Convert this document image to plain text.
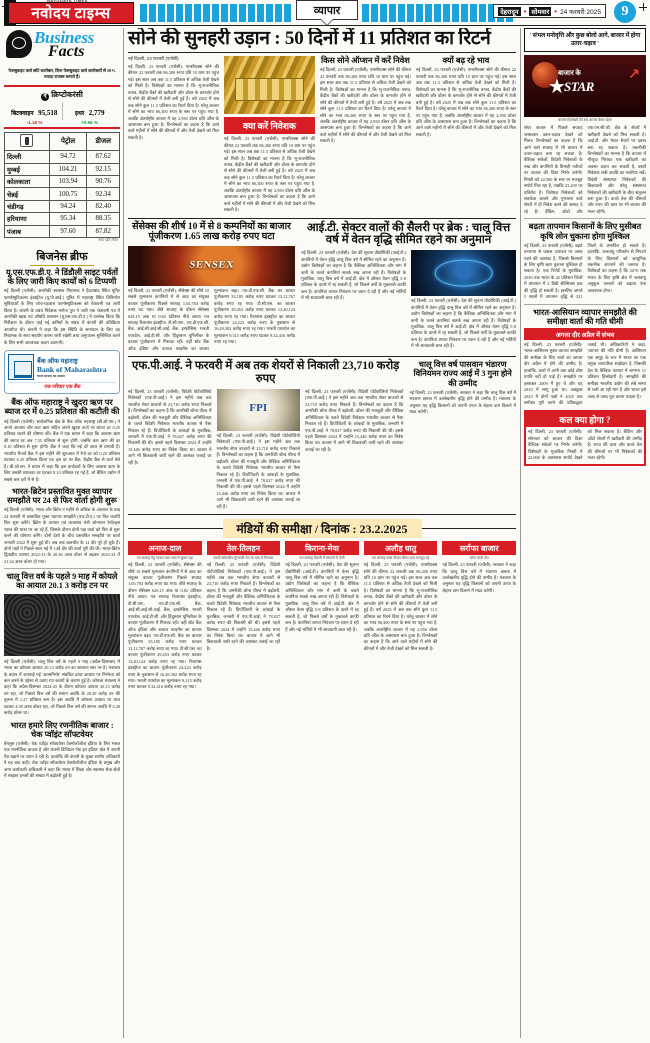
NAVODAYA TIMES
नवोदय टाइम्स	व्यापार	देहरादून • सोमवार • 24 फरवरी 2025	9
Business
Facts
फेसबुकइट वाले छोटे कारोबार, बिना फेसबुकइट वाले कारोबारों से 50% ज्यादा राजस्व कमाते हैं।
₹ क्रिप्टोकरंसी
बिटक्वाइन 95,518	इथर 2,779
-1.18 %	+0.66 %
	पेट्रोल	डीजल
दिल्ली	94.72	87.62
मुम्बई	104.21	92.15
कोलकाता	103.94	90.76
चेन्नई	100.75	92.34
चंडीगढ़	94.24	82.40
हरियाणा	95.34	88.35
पंजाब	97.60	87.82
रुपए प्रति लीटर
बिजनेस ब्रीफ
यू.एस.एफ.डी.ए. ने डिंडौली साइट पर्वतों के लिए जारी किए कार्यों को 6 टिप्पणी
नई दिल्ली (एजेंसी): अमरीकी स्वास्थ्य नियामक ने हैदराबाद स्थित यूनिट फार्मास्युटिकल्स इंडस्ट्रीज (यू.पी.आई.) यूनिट में महाराष्ट्र स्थित विनिर्माण सुविधाओं के लिए जांच-पड़ताल फार्मास्युटिकल्स को चेतावनी पत्र जारी किया है। कंपनी के प्रबंध निदेशक मनोज पुरा ने जारी एक चेतावनी पत्र में अमरीकी खाद्य एवं औषधि प्रशासन (यू.एस.एफ.डी.ए.) ने उल्लेख किया कि निरीक्षण के दौरान पाई गई कमियों के संबंध में कंपनी की प्रतिक्रिया अपर्याप्त थी। कंपनी ने कहा कि इस स्थिति के समाधान के लिए वह नियामक के साथ सहयोग करना जारी रखेगी तथा अनुपालन सुनिश्चित करने के लिए सभी आवश्यक कदम उठाएगी।
बैंक ऑफ महाराष्ट्र
Bank of Maharashtra
भारत सरकार का उपक्रम
एक परिवार एक बैंक
बैंक ऑफ महाराष्ट्र ने खुदरा ऋण पर ब्याज दर में 0.25 प्रतिशत की कटौती की
नई दिल्ली (एजेंसी): सार्वजनिक क्षेत्र के बैंक ऑफ महाराष्ट्र (बी.ओ.एम.) ने अपने आवास और कार ऋण सहित अपने खुदरा कर्ज पर ब्याज दर 0.25 प्रतिशत घटाने की घोषणा की। बैंक ने एक बयान में कहा कि आवास ऋण की ब्याज दर अब 7.35 प्रतिशत से शुरू होगी, जबकि कार ऋण की दर 8.10 प्रतिशत से शुरू होगी। बैंक ने कहा कि नई दरें आज से प्रभावी हैं। भारतीय रिजर्व बैंक ने इस महीने की शुरुआत में रेपो दर को 0.25 प्रतिशत घटाकर 6.25 प्रतिशत किया था। इस दर पर बैंक, केंद्रीय बैंक से कर्ज लेते हैं। बी.ओ.एम. ने बयान में कहा कि इस कर्जदारों के लिए आवास ऋण के लिए उसकी ब्याजदर दर घटकर 8.10 प्रतिशत रह गई है, जो बैंकिंग उद्योग में सबसे कम दरों में से है।
भारत-ब्रिटेन प्रस्तावित मुक्त व्यापार समझौते पर 24 से फिर वार्ता होगी शुरू
नई दिल्ली (एजेंसी): भारत और ब्रिटेन 8 महीने से अधिक के अंतराल के बाद 24 फरवरी से प्रस्तावित मुक्त व्यापार समझौते (एफ.टी.ए.) पर फिर वार्तायें फिर शुरू करेंगे। ब्रिटेन के व्यापार एवं व्यवसाय मंत्री जोनाथन रेनॉल्ड्स भारत की यात्रा पर आ रहे हैं, जिसके दौरान दोनों पक्ष वार्ता को फिर से शुरू करने की घोषणा करेंगे। दोनों देशों के बीच प्रस्तावित समझौते पर वार्ता जनवरी 2022 में शुरू हुई थी। अब तक बातचीत के 14 दौर पूरे हो चुके हैं। दोनों पक्षों ने पिछले साल मई में 14वें दौर की वार्ता पूरी की थी। भारत-ब्रिटेन द्विपक्षीय व्यापार 2022-23 के 20.36 अरब डॉलर से बढ़कर 2023-24 में 21.34 अरब डॉलर हो गया।
चालू वित्त वर्ष के पहले 9 माह में कोयले का आयात 20.1 3 करोड़ टन पर
नई दिल्ली (एजेंसी): चालू वित्त वर्ष के पहले 9 माह (अप्रैल-दिसम्बर) में भारत का कोयला आयात 20.13 करोड़ टन का सालाना स्तर पर है। मंत्रालय के बयान में अपनाई गई 'आत्मनिर्भर' संबंधित ढांचा आयात पर निर्भरता को कम करने के उद्देश्य से उठाए गए कदमों के कारण हुई है। कोयला मंत्रालय ने कहा कि अप्रैल-दिसम्बर 2024-25 के दौरान कोयला आयात 20.13 करोड़ टन रहा, जो पिछले वित्त वर्ष की समान अवधि के 20.39 करोड़ टन की तुलना में 1.27 प्रतिशत कम है। इस अवधि में कोयला आयात पर व्यय घटकर 4.38 अरब डॉलर रहा, जो पिछले वित्त वर्ष की समान अवधि में 4.28 करोड़ डॉलर था।
भारत हमारे लिए रणनीतिक बाजार : चेक प्वॉइंट सॉफ्टवेयर
बेंगलुरु (एजेंसी): चेक प्वॉइंट सॉफ्टवेयर टेक्नोलॉजीज इंडिया के लिए भारत एक रणनीतिक बाजार है और कंपनी डिजिटल 'मेड इन इंडिया' क्षेत्र में अपनी पैठ बढ़ाने पर ध्यान दे रही है। हालांकि की कंपनी के मुख्य स्तरीय अधिकारी ने यह बात कही। चेक प्वॉइंट सॉफ्टवेयर टेक्नोलॉजीज इंडिया के प्रमुख और अन्य कार्यकारी अधिकारी ने कहा कि भारत में शिक्षा और स्वास्थ्य सेवा क्षेत्रों में साइबर हमलों की संख्या में बढ़ोतरी हुई है।
सोने की सुनहरी उड़ान : 50 दिनों में 11 प्रतिशत का रिटर्न
नई दिल्ली, 23 फरवरी (एजेंसी)
नई दिल्ली, 23 फरवरी (एजेंसी): एमसीएक्स सोने की कीमत 22 फरवरी तक 86,300 रुपए प्रति 10 ग्राम पर पहुंच गई। इस साल अब तक 11.5 प्रतिशत से अधिक तेजी देखने को मिली है। विशेषज्ञों का मानना है कि भू-राजनीतिक तनाव, केंद्रीय बैंकों की खरीदारी और डॉलर के कमजोर होने से सोने की कीमतों में तेजी बनी हुई है। वर्ष 2025 में अब तक सोने कुल 11.5 प्रतिशत का रिटर्न दिया है। घरेलू बाजार में सोने का भाव 86,300 रुपए के स्तर पर पहुंच गया है, जबकि अंतर्राष्ट्रीय बाजार में यह 2,950 डॉलर प्रति औंस के आसपास बना हुआ है। विश्लेषकों का कहना है कि आने वाले महीनों में सोने की कीमतों में और तेजी देखने को मिल सकती है।
क्या करें निवेशक
नई दिल्ली, 23 फरवरी (एजेंसी): एमसीएक्स सोने की कीमत 22 फरवरी तक 86,300 रुपए प्रति 10 ग्राम पर पहुंच गई। इस साल अब तक 11.5 प्रतिशत से अधिक तेजी देखने को मिली है। विशेषज्ञों का मानना है कि भू-राजनीतिक तनाव, केंद्रीय बैंकों की खरीदारी और डॉलर के कमजोर होने से सोने की कीमतों में तेजी बनी हुई है। वर्ष 2025 में अब तक सोने कुल 11.5 प्रतिशत का रिटर्न दिया है। घरेलू बाजार में सोने का भाव 86,300 रुपए के स्तर पर पहुंच गया है, जबकि अंतर्राष्ट्रीय बाजार में यह 2,950 डॉलर प्रति औंस के आसपास बना हुआ है। विश्लेषकों का कहना है कि आने वाले महीनों में सोने की कीमतों में और तेजी देखने को मिल सकती है।
किस सोने ऑप्शन में करें निवेश
नई दिल्ली, 23 फरवरी (एजेंसी): एमसीएक्स सोने की कीमत 22 फरवरी तक 86,300 रुपए प्रति 10 ग्राम पर पहुंच गई। इस साल अब तक 11.5 प्रतिशत से अधिक तेजी देखने को मिली है। विशेषज्ञों का मानना है कि भू-राजनीतिक तनाव, केंद्रीय बैंकों की खरीदारी और डॉलर के कमजोर होने से सोने की कीमतों में तेजी बनी हुई है। वर्ष 2025 में अब तक सोने कुल 11.5 प्रतिशत का रिटर्न दिया है। घरेलू बाजार में सोने का भाव 86,300 रुपए के स्तर पर पहुंच गया है, जबकि अंतर्राष्ट्रीय बाजार में यह 2,950 डॉलर प्रति औंस के आसपास बना हुआ है। विश्लेषकों का कहना है कि आने वाले महीनों में सोने की कीमतों में और तेजी देखने को मिल सकती है।
क्यों बढ़ रहे भाव
नई दिल्ली, 23 फरवरी (एजेंसी): एमसीएक्स सोने की कीमत 22 फरवरी तक 86,300 रुपए प्रति 10 ग्राम पर पहुंच गई। इस साल अब तक 11.5 प्रतिशत से अधिक तेजी देखने को मिली है। विशेषज्ञों का मानना है कि भू-राजनीतिक तनाव, केंद्रीय बैंकों की खरीदारी और डॉलर के कमजोर होने से सोने की कीमतों में तेजी बनी हुई है। वर्ष 2025 में अब तक सोने कुल 11.5 प्रतिशत का रिटर्न दिया है। घरेलू बाजार में सोने का भाव 86,300 रुपए के स्तर पर पहुंच गया है, जबकि अंतर्राष्ट्रीय बाजार में यह 2,950 डॉलर प्रति औंस के आसपास बना हुआ है। विश्लेषकों का कहना है कि आने वाले महीनों में सोने की कीमतों में और तेजी देखने को मिल सकती है।
सेंसेक्स की शीर्ष 10 में से 8 कम्पनियों का बाजार पूंजीकरण 1.65 लाख करोड़ रुपए घटा
SENSEX
नई दिल्ली, 23 फरवरी (एजेंसी): सेंसेक्स की शीर्ष 10 सबसे मूल्यवान कंपनियों में से आठ का संयुक्त बाजार पूंजीकरण पिछले सप्ताह 1,65,784 करोड़ रुपए घट गया। बीते सप्ताह के दौरान सेंसेक्स 628.15 अंक या 0.82 प्रतिशत नीचे आया। गत सप्ताह रिलायंस इंडस्ट्रीज, टी.सी.एस., एच.डी.एफ.सी. बैंक, आई.सी.आई.सी.आई. बैंक, इन्फोसिस, भारती एयरटेल, आई.टी.सी. और हिंदुस्तान यूनिलीवर के बाजार पूंजीकरण में गिरावट रही। वहीं स्टेट बैंक ऑफ इंडिया और बजाज फाइनेंस का बाजार मूल्यांकन बढ़ा। एच.डी.एफ.सी. बैंक का बाजार पूंजीकरण 33,185 करोड़ रुपए घटकर 13,12,767 करोड़ रुपए रह गया। टी.सी.एस. का बाजार पूंजीकरण 29,453 करोड़ रुपए घटकर 13,40,124 करोड़ रुपए रह गया। रिलायंस इंडस्ट्रीज का बाजार पूंजीकरण 24,223 करोड़ रुपए के नुकसान से 16,49,382 करोड़ रुपए रह गया। भारती एयरटेल का मूल्यांकन 9,315 करोड़ रुपए घटकर 9,32,416 करोड़ रुपए रह गया।
आई.टी. सेक्टर वालों की सैलरी पर ब्रेक : चालू वित्त वर्ष में वेतन वृद्धि सीमित रहने का अनुमान
नई दिल्ली, 23 फरवरी (एजेंसी): देश की सूचना प्रौद्योगिकी (आई.टी.) कंपनियों में वेतन वृद्धि चालू वित्त वर्ष में सीमित रहने का अनुमान है। उद्योग विशेषज्ञों का कहना है कि वैश्विक अनिश्चितता और मांग में कमी के चलते कंपनियां सतर्क रुख अपना रही हैं। विशेषज्ञों के मुताबिक, चालू वित्त वर्ष में आई.टी. क्षेत्र में औसत वेतन वृद्धि 5-8 प्रतिशत के दायरे में रह सकती है, जो पिछले वर्षों के मुकाबले काफी कम है। कंपनियां लागत नियंत्रण पर ध्यान दे रही हैं और नई भर्तियों में भी सावधानी बरत रही हैं।
नई दिल्ली, 23 फरवरी (एजेंसी): देश की सूचना प्रौद्योगिकी (आई.टी.) कंपनियों में वेतन वृद्धि चालू वित्त वर्ष में सीमित रहने का अनुमान है। उद्योग विशेषज्ञों का कहना है कि वैश्विक अनिश्चितता और मांग में कमी के चलते कंपनियां सतर्क रुख अपना रही हैं। विशेषज्ञों के मुताबिक, चालू वित्त वर्ष में आई.टी. क्षेत्र में औसत वेतन वृद्धि 5-8 प्रतिशत के दायरे में रह सकती है, जो पिछले वर्षों के मुकाबले काफी कम है। कंपनियां लागत नियंत्रण पर ध्यान दे रही हैं और नई भर्तियों में भी सावधानी बरत रही हैं।
एफ.पी.आई. ने फरवरी में अब तक शेयरों से निकाली 23,710 करोड़ रुपए
नई दिल्ली, 23 फरवरी (एजेंसी): विदेशी पोर्टफोलियो निवेशकों (एफ.पी.आई.) ने इस महीने अब तक भारतीय शेयर बाजारों से 23,710 करोड़ रुपए निकाले हैं। विश्लेषकों का कहना है कि अमरीकी बॉन्ड यील्ड में बढ़ोतरी, डॉलर की मजबूती और वैश्विक अनिश्चितता के चलते विदेशी निवेशक भारतीय बाजार से पैसा निकाल रहे हैं। डिपॉजिटरी के आंकड़ों के मुताबिक, जनवरी में एफ.पी.आई. ने 78,027 करोड़ रुपए की निकासी की थी। इससे पहले दिसम्बर 2024 में उन्होंने 15,446 करोड़ रुपए का निवेश किया था। बाजार में आगे भी बिकवाली जारी रहने की आशंका जताई जा रही है।
FPI
नई दिल्ली, 23 फरवरी (एजेंसी): विदेशी पोर्टफोलियो निवेशकों (एफ.पी.आई.) ने इस महीने अब तक भारतीय शेयर बाजारों से 23,710 करोड़ रुपए निकाले हैं। विश्लेषकों का कहना है कि अमरीकी बॉन्ड यील्ड में बढ़ोतरी, डॉलर की मजबूती और वैश्विक अनिश्चितता के चलते विदेशी निवेशक भारतीय बाजार से पैसा निकाल रहे हैं। डिपॉजिटरी के आंकड़ों के मुताबिक, जनवरी में एफ.पी.आई. ने 78,027 करोड़ रुपए की निकासी की थी। इससे पहले दिसम्बर 2024 में उन्होंने 15,446 करोड़ रुपए का निवेश किया था। बाजार में आगे भी बिकवाली जारी रहने की आशंका जताई जा रही है।
नई दिल्ली, 23 फरवरी (एजेंसी): विदेशी पोर्टफोलियो निवेशकों (एफ.पी.आई.) ने इस महीने अब तक भारतीय शेयर बाजारों से 23,710 करोड़ रुपए निकाले हैं। विश्लेषकों का कहना है कि अमरीकी बॉन्ड यील्ड में बढ़ोतरी, डॉलर की मजबूती और वैश्विक अनिश्चितता के चलते विदेशी निवेशक भारतीय बाजार से पैसा निकाल रहे हैं। डिपॉजिटरी के आंकड़ों के मुताबिक, जनवरी में एफ.पी.आई. ने 78,027 करोड़ रुपए की निकासी की थी। इससे पहले दिसम्बर 2024 में उन्होंने 15,446 करोड़ रुपए का निवेश किया था। बाजार में आगे भी बिकवाली जारी रहने की आशंका जताई जा रही है।
चालू वित्त वर्ष पासवान भंडारण विनियमन राज्य आई में 3 गुना होने की उम्मीद
नई दिल्ली, 23 फरवरी (एजेंसी): सरकार ने कहा कि चालू वित्त वर्ष में भंडारण क्षमता में उल्लेखनीय वृद्धि होने की उम्मीद है। मंत्रालय के अनुसार यह वृद्धि किसानों को अपनी उपज के बेहतर दाम दिलाने में मदद करेगी।
मंडियों की समीक्षा / दिनांक : 23.2.2025
अनाज-दाल
गत सप्ताह गेहूं चावल दाल भाव में सुधार रहा
नई दिल्ली, 23 फरवरी (एजेंसी): सेंसेक्स की शीर्ष 10 सबसे मूल्यवान कंपनियों में से आठ का संयुक्त बाजार पूंजीकरण पिछले सप्ताह 1,65,784 करोड़ रुपए घट गया। बीते सप्ताह के दौरान सेंसेक्स 628.15 अंक या 0.82 प्रतिशत नीचे आया। गत सप्ताह रिलायंस इंडस्ट्रीज, टी.सी.एस., एच.डी.एफ.सी. बैंक, आई.सी.आई.सी.आई. बैंक, इन्फोसिस, भारती एयरटेल, आई.टी.सी. और हिंदुस्तान यूनिलीवर के बाजार पूंजीकरण में गिरावट रही। वहीं स्टेट बैंक ऑफ इंडिया और बजाज फाइनेंस का बाजार मूल्यांकन बढ़ा। एच.डी.एफ.सी. बैंक का बाजार पूंजीकरण 33,185 करोड़ रुपए घटकर 13,12,767 करोड़ रुपए रह गया। टी.सी.एस. का बाजार पूंजीकरण 29,453 करोड़ रुपए घटकर 13,40,124 करोड़ रुपए रह गया। रिलायंस इंडस्ट्रीज का बाजार पूंजीकरण 24,223 करोड़ रुपए के नुकसान से 16,49,382 करोड़ रुपए रह गया। भारती एयरटेल का मूल्यांकन 9,315 करोड़ रुपए घटकर 9,32,416 करोड़ रुपए रह गया।
तेल-तिलहन
सरसों सोयाबीन मूंगफली तेल के भाव में गिरावट
नई दिल्ली, 23 फरवरी (एजेंसी): विदेशी पोर्टफोलियो निवेशकों (एफ.पी.आई.) ने इस महीने अब तक भारतीय शेयर बाजारों से 23,710 करोड़ रुपए निकाले हैं। विश्लेषकों का कहना है कि अमरीकी बॉन्ड यील्ड में बढ़ोतरी, डॉलर की मजबूती और वैश्विक अनिश्चितता के चलते विदेशी निवेशक भारतीय बाजार से पैसा निकाल रहे हैं। डिपॉजिटरी के आंकड़ों के मुताबिक, जनवरी में एफ.पी.आई. ने 78,027 करोड़ रुपए की निकासी की थी। इससे पहले दिसम्बर 2024 में उन्होंने 15,446 करोड़ रुपए का निवेश किया था। बाजार में आगे भी बिकवाली जारी रहने की आशंका जताई जा रही है।
किराना-मेवा
गत सप्ताह दिल्ली में मसालों में तेजी
नई दिल्ली, 23 फरवरी (एजेंसी): देश की सूचना प्रौद्योगिकी (आई.टी.) कंपनियों में वेतन वृद्धि चालू वित्त वर्ष में सीमित रहने का अनुमान है। उद्योग विशेषज्ञों का कहना है कि वैश्विक अनिश्चितता और मांग में कमी के चलते कंपनियां सतर्क रुख अपना रही हैं। विशेषज्ञों के मुताबिक, चालू वित्त वर्ष में आई.टी. क्षेत्र में औसत वेतन वृद्धि 5-8 प्रतिशत के दायरे में रह सकती है, जो पिछले वर्षों के मुकाबले काफी कम है। कंपनियां लागत नियंत्रण पर ध्यान दे रही हैं और नई भर्तियों में भी सावधानी बरत रही हैं।
अलौह धातु
गत सप्ताह तांबा पीतल सीसा भाव मजबूत रहे
नई दिल्ली, 23 फरवरी (एजेंसी): एमसीएक्स सोने की कीमत 22 फरवरी तक 86,300 रुपए प्रति 10 ग्राम पर पहुंच गई। इस साल अब तक 11.5 प्रतिशत से अधिक तेजी देखने को मिली है। विशेषज्ञों का मानना है कि भू-राजनीतिक तनाव, केंद्रीय बैंकों की खरीदारी और डॉलर के कमजोर होने से सोने की कीमतों में तेजी बनी हुई है। वर्ष 2025 में अब तक सोने कुल 11.5 प्रतिशत का रिटर्न दिया है। घरेलू बाजार में सोने का भाव 86,300 रुपए के स्तर पर पहुंच गया है, जबकि अंतर्राष्ट्रीय बाजार में यह 2,950 डॉलर प्रति औंस के आसपास बना हुआ है। विश्लेषकों का कहना है कि आने वाले महीनों में सोने की कीमतों में और तेजी देखने को मिल सकती है।
सर्राफा बाजार
सोना चांदी तेज
नई दिल्ली, 23 फरवरी (एजेंसी): सरकार ने कहा कि चालू वित्त वर्ष में भंडारण क्षमता में उल्लेखनीय वृद्धि होने की उम्मीद है। मंत्रालय के अनुसार यह वृद्धि किसानों को अपनी उपज के बेहतर दाम दिलाने में मदद करेगी।
' संभल मनोवृत्ति और कुछ बोलो आगे, बाजार में होगा उतार-चढ़ाव '
बाजार के
★
STAR
↗
बाजार विशेषज्ञों की राय बाजार कैसा रहेगा
शेयर बाजार में पिछले सप्ताह जबरदस्त उतार-चढ़ाव देखने को मिला। विश्लेषकों का कहना है कि आने वाले सप्ताह में भी बाजार में उतार-चढ़ाव बना रह सकता है। वैश्विक संकेतों, विदेशी निवेशकों के रुख और कंपनियों के तिमाही नतीजों पर बाजार की दिशा निर्भर करेगी। निफ्टी को 22,500 के स्तर पर मजबूत सपोर्ट मिल रहा है, जबकि 23,200 पर प्रतिरोध है। विशेषज्ञ निवेशकों को सतर्कता बरतने और गुणवत्ता वाले शेयरों में ही निवेश करने की सलाह दे रहे हैं। बैंकिंग, ऑटो और एफ.एम.सी.जी. क्षेत्र के शेयरों में खरीदारी देखने को मिल सकती है। आई.टी. और मेटल शेयरों पर दबाव बना रह सकता है। तकनीकी विश्लेषकों का मानना है कि बाजार में मौजूदा गिरावट एक खरीदारी का अवसर प्रदान कर सकती है, बशर्ते निवेशक लंबी अवधि का नजरिया रखें। विदेशी संस्थागत निवेशकों की बिकवाली और घरेलू संस्थागत निवेशकों की खरीदारी के बीच संतुलन बना हुआ है। कच्चे तेल की कीमतों और रुपए की चाल पर भी बाजार की नजर रहेगी।
बढ़ता तापमान किसानों के लिए मुसीबत कृषि लोन चुकाना होगा मुश्किल
नई दिल्ली, 23 फरवरी (एजेंसी): बढ़ते तापमान से फसल उत्पादन पर असर पड़ने की आशंका है, जिससे किसानों के लिए कृषि ऋण चुकाना मुश्किल हो सकता है। एक रिपोर्ट के मुताबिक, 2030 तक भारत के 42 प्रतिशत जिलों में तापमान में 2 डिग्री सेल्सियस तक की वृद्धि हो सकती है। इसलिए अगले 5 सालों में तापमान वृद्धि से 321 जिलों के प्रभावित हो सकते हैं। हालांकि, जलवायु परिवर्तन से निपटने के लिए किसानों को आधुनिक तकनीक अपनाने की जरूरत है। विशेषज्ञों का कहना है कि 2070 तक भारत के लिए कृषि क्षेत्र में जलवायु अनुकूल फसलों को बढ़ावा देना आवश्यक होगा।
भारत-आसियान व्यापार समझौते की समीक्षा वार्ता की गति धीमी
अगला दौर अप्रैल में संभव
नई दिल्ली, 23 फरवरी (एजेंसी): भारत-आसियान मुक्त व्यापार समझौते की समीक्षा के लिए वार्ता का अगला दौर अप्रैल में होने की उम्मीद है। हालांकि, वार्ता में अभी तक कोई ठोस प्रगति नहीं हो पाई है। समझौते पर हस्ताक्षर 2009 में हुए थे और यह 2010 में लागू हुआ था। अक्टूबर 2023 में दोनों पक्षों ने 2025 तक समीक्षा पूरी करने की प्रतिबद्धता जताई थी। अधिकारियों ने कहा, 'व्यापार की गति धीमी है। आसियान एक समूह के रूप में भारत का एक प्रमुख व्यापारिक साझेदार है, जिसकी देश के वैश्विक व्यापार में लगभग 11 प्रतिशत हिस्सेदारी है। समझौते की समीक्षा भारतीय उद्योग की लंबे समय से चली आ रही मांग है और भारत इसे जल्द से जल्द पूरा करना चाहता है।'
कल क्या होगा ?
नई दिल्ली, 23 फरवरी (एजेंसी): सोमवार को बाजार की दिशा वैश्विक संकेतों पर निर्भर करेगी। विशेषज्ञों के मुताबिक निफ्टी में 22,800 के आसपास सपोर्ट देखने को मिल सकता है। बैंकिंग और ऑटो शेयरों में खरीदारी की उम्मीद है। रुपए की चाल और कच्चे तेल की कीमतों पर भी निवेशकों की नजर रहेगी।
